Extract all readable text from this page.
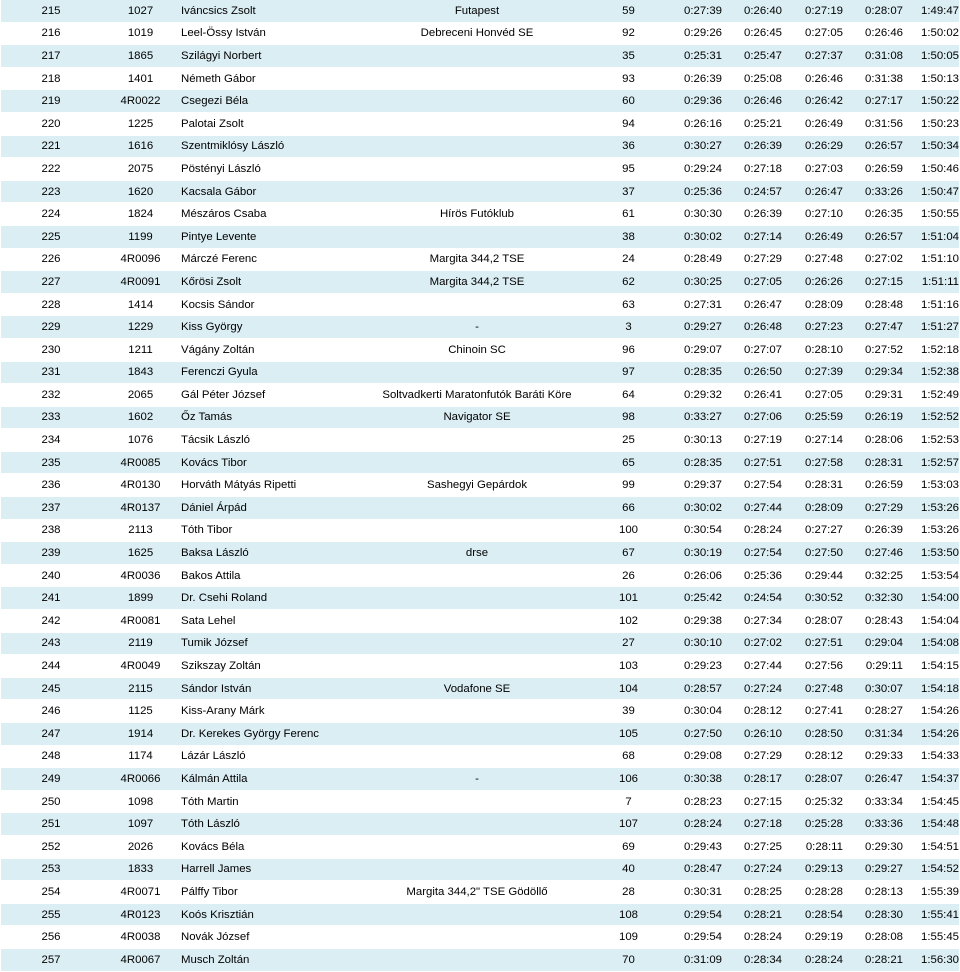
215	1027	Iváncsics Zsolt	Futapest	59	0:27:39	0:26:40	0:27:19	0:28:07	1:49:47
216	1019	Leel-Össy István	Debreceni Honvéd SE	92	0:29:26	0:26:45	0:27:05	0:26:46	1:50:02
217	1865	Szilágyi Norbert		35	0:25:31	0:25:47	0:27:37	0:31:08	1:50:05
218	1401	Németh Gábor		93	0:26:39	0:25:08	0:26:46	0:31:38	1:50:13
219	4R0022	Csegezi Béla		60	0:29:36	0:26:46	0:26:42	0:27:17	1:50:22
220	1225	Palotai Zsolt		94	0:26:16	0:25:21	0:26:49	0:31:56	1:50:23
221	1616	Szentmiklósy László		36	0:30:27	0:26:39	0:26:29	0:26:57	1:50:34
222	2075	Pöstényi László		95	0:29:24	0:27:18	0:27:03	0:26:59	1:50:46
223	1620	Kacsala Gábor		37	0:25:36	0:24:57	0:26:47	0:33:26	1:50:47
224	1824	Mészáros Csaba	Hírös Futóklub	61	0:30:30	0:26:39	0:27:10	0:26:35	1:50:55
225	1199	Pintye Levente		38	0:30:02	0:27:14	0:26:49	0:26:57	1:51:04
226	4R0096	Márczé Ferenc	Margita 344,2 TSE	24	0:28:49	0:27:29	0:27:48	0:27:02	1:51:10
227	4R0091	Kőrösi Zsolt	Margita 344,2 TSE	62	0:30:25	0:27:05	0:26:26	0:27:15	1:51:11
228	1414	Kocsis Sándor		63	0:27:31	0:26:47	0:28:09	0:28:48	1:51:16
229	1229	Kiss György	-	3	0:29:27	0:26:48	0:27:23	0:27:47	1:51:27
230	1211	Vágány Zoltán	Chinoin SC	96	0:29:07	0:27:07	0:28:10	0:27:52	1:52:18
231	1843	Ferenczi Gyula		97	0:28:35	0:26:50	0:27:39	0:29:34	1:52:38
232	2065	Gál Péter József	Soltvadkerti Maratonfutók Baráti Köre	64	0:29:32	0:26:41	0:27:05	0:29:31	1:52:49
233	1602	Őz Tamás	Navigator SE	98	0:33:27	0:27:06	0:25:59	0:26:19	1:52:52
234	1076	Tácsik László		25	0:30:13	0:27:19	0:27:14	0:28:06	1:52:53
235	4R0085	Kovács Tibor		65	0:28:35	0:27:51	0:27:58	0:28:31	1:52:57
236	4R0130	Horváth Mátyás Ripetti	Sashegyi Gepárdok	99	0:29:37	0:27:54	0:28:31	0:26:59	1:53:03
237	4R0137	Dániel Árpád		66	0:30:02	0:27:44	0:28:09	0:27:29	1:53:26
238	2113	Tóth Tibor		100	0:30:54	0:28:24	0:27:27	0:26:39	1:53:26
239	1625	Baksa László	drse	67	0:30:19	0:27:54	0:27:50	0:27:46	1:53:50
240	4R0036	Bakos Attila		26	0:26:06	0:25:36	0:29:44	0:32:25	1:53:54
241	1899	Dr. Csehi Roland		101	0:25:42	0:24:54	0:30:52	0:32:30	1:54:00
242	4R0081	Sata Lehel		102	0:29:38	0:27:34	0:28:07	0:28:43	1:54:04
243	2119	Tumik József		27	0:30:10	0:27:02	0:27:51	0:29:04	1:54:08
244	4R0049	Szikszay Zoltán		103	0:29:23	0:27:44	0:27:56	0:29:11	1:54:15
245	2115	Sándor István	Vodafone SE	104	0:28:57	0:27:24	0:27:48	0:30:07	1:54:18
246	1125	Kiss-Arany Márk		39	0:30:04	0:28:12	0:27:41	0:28:27	1:54:26
247	1914	Dr. Kerekes György Ferenc		105	0:27:50	0:26:10	0:28:50	0:31:34	1:54:26
248	1174	Lázár László		68	0:29:08	0:27:29	0:28:12	0:29:33	1:54:33
249	4R0066	Kálmán Attila	-	106	0:30:38	0:28:17	0:28:07	0:26:47	1:54:37
250	1098	Tóth Martin		7	0:28:23	0:27:15	0:25:32	0:33:34	1:54:45
251	1097	Tóth László		107	0:28:24	0:27:18	0:25:28	0:33:36	1:54:48
252	2026	Kovács Béla		69	0:29:43	0:27:25	0:28:11	0:29:30	1:54:51
253	1833	Harrell James		40	0:28:47	0:27:24	0:29:13	0:29:27	1:54:52
254	4R0071	Pálffy Tibor	Margita 344,2" TSE Gödöllő	28	0:30:31	0:28:25	0:28:28	0:28:13	1:55:39
255	4R0123	Koós Krisztián		108	0:29:54	0:28:21	0:28:54	0:28:30	1:55:41
256	4R0038	Novák József		109	0:29:54	0:28:24	0:29:19	0:28:08	1:55:45
257	4R0067	Musch Zoltán		70	0:31:09	0:28:34	0:28:24	0:28:21	1:56:30
